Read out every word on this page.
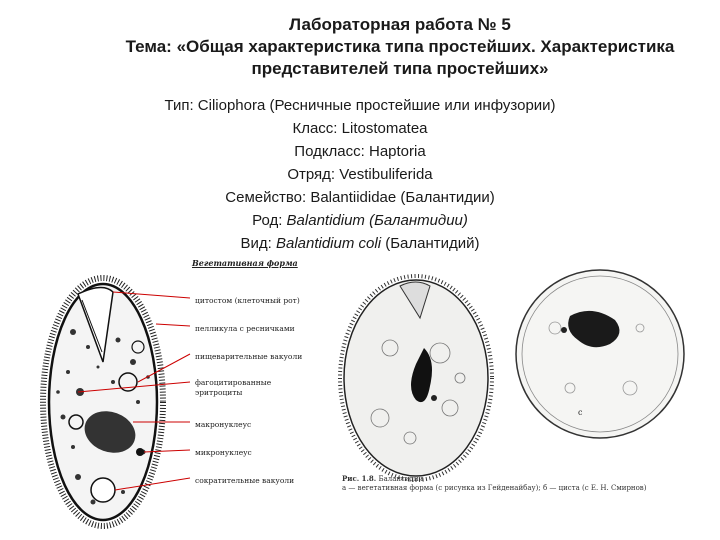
Лабораторная работа № 5
Тема: «Общая характеристика типа простейших. Характеристика
представителей типа простейших»
Тип: Ciliophora (Ресничные простейшие или инфузории)
Класс: Litostomatea
Подкласс: Haptoria
Отряд: Vestibuliferida
Семейство: Balantiididae (Балантидии)
Род: Balantidium (Балантидии)
Вид: Balantidium coli (Балантидий)
Вегетативная форма
цитостом (клеточный рот)
пелликула с ресничками
пищеварительные вакуоли
фагоцитированные
эритроциты
макронуклеус
микронуклеус
сократительные вакуоли
с
Рис. 1.8. Балантидий
а — вегетативная форма (с рисунка из Гейденайбау); б — циста (с Е. Н. Смирнов)
